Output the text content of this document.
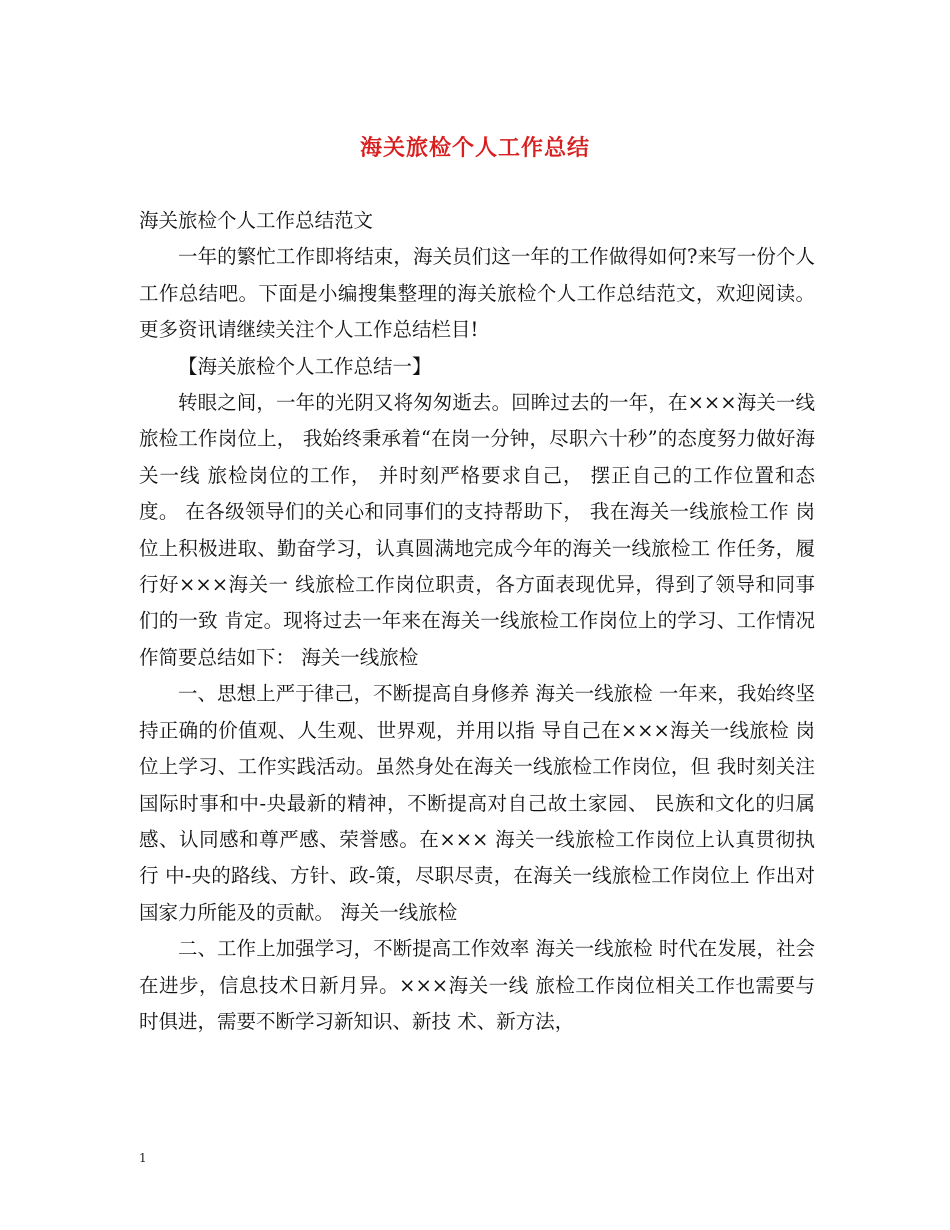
海关旅检个人工作总结

海关旅检个人工作总结范文

一年的繁忙工作即将结束，海关员们这一年的工作做得如何?来写一份个人工作总结吧。下面是小编搜集整理的海关旅检个人工作总结范文，欢迎阅读。更多资讯请继续关注个人工作总结栏目!

【海关旅检个人工作总结一】

转眼之间，一年的光阴又将匆匆逝去。回眸过去的一年，在×××海关一线旅检工作岗位上， 我始终秉承着“在岗一分钟，尽职六十秒”的态度努力做好海关一线 旅检岗位的工作， 并时刻严格要求自己， 摆正自己的工作位置和态度。 在各级领导们的关心和同事们的支持帮助下， 我在海关一线旅检工作 岗位上积极进取、勤奋学习，认真圆满地完成今年的海关一线旅检工 作任务，履行好×××海关一 线旅检工作岗位职责，各方面表现优异，得到了领导和同事们的一致 肯定。现将过去一年来在海关一线旅检工作岗位上的学习、工作情况 作简要总结如下： 海关一线旅检

一、思想上严于律己，不断提高自身修养 海关一线旅检 一年来，我始终坚持正确的价值观、人生观、世界观，并用以指 导自己在×××海关一线旅检 岗位上学习、工作实践活动。虽然身处在海关一线旅检工作岗位，但 我时刻关注国际时事和中-央最新的精神，不断提高对自己故土家园、 民族和文化的归属感、认同感和尊严感、荣誉感。在××× 海关一线旅检工作岗位上认真贯彻执行 中-央的路线、方针、政-策，尽职尽责，在海关一线旅检工作岗位上 作出对国家力所能及的贡献。 海关一线旅检

二、工作上加强学习，不断提高工作效率 海关一线旅检 时代在发展，社会在进步，信息技术日新月异。×××海关一线 旅检工作岗位相关工作也需要与时俱进，需要不断学习新知识、新技 术、新方法，

1
